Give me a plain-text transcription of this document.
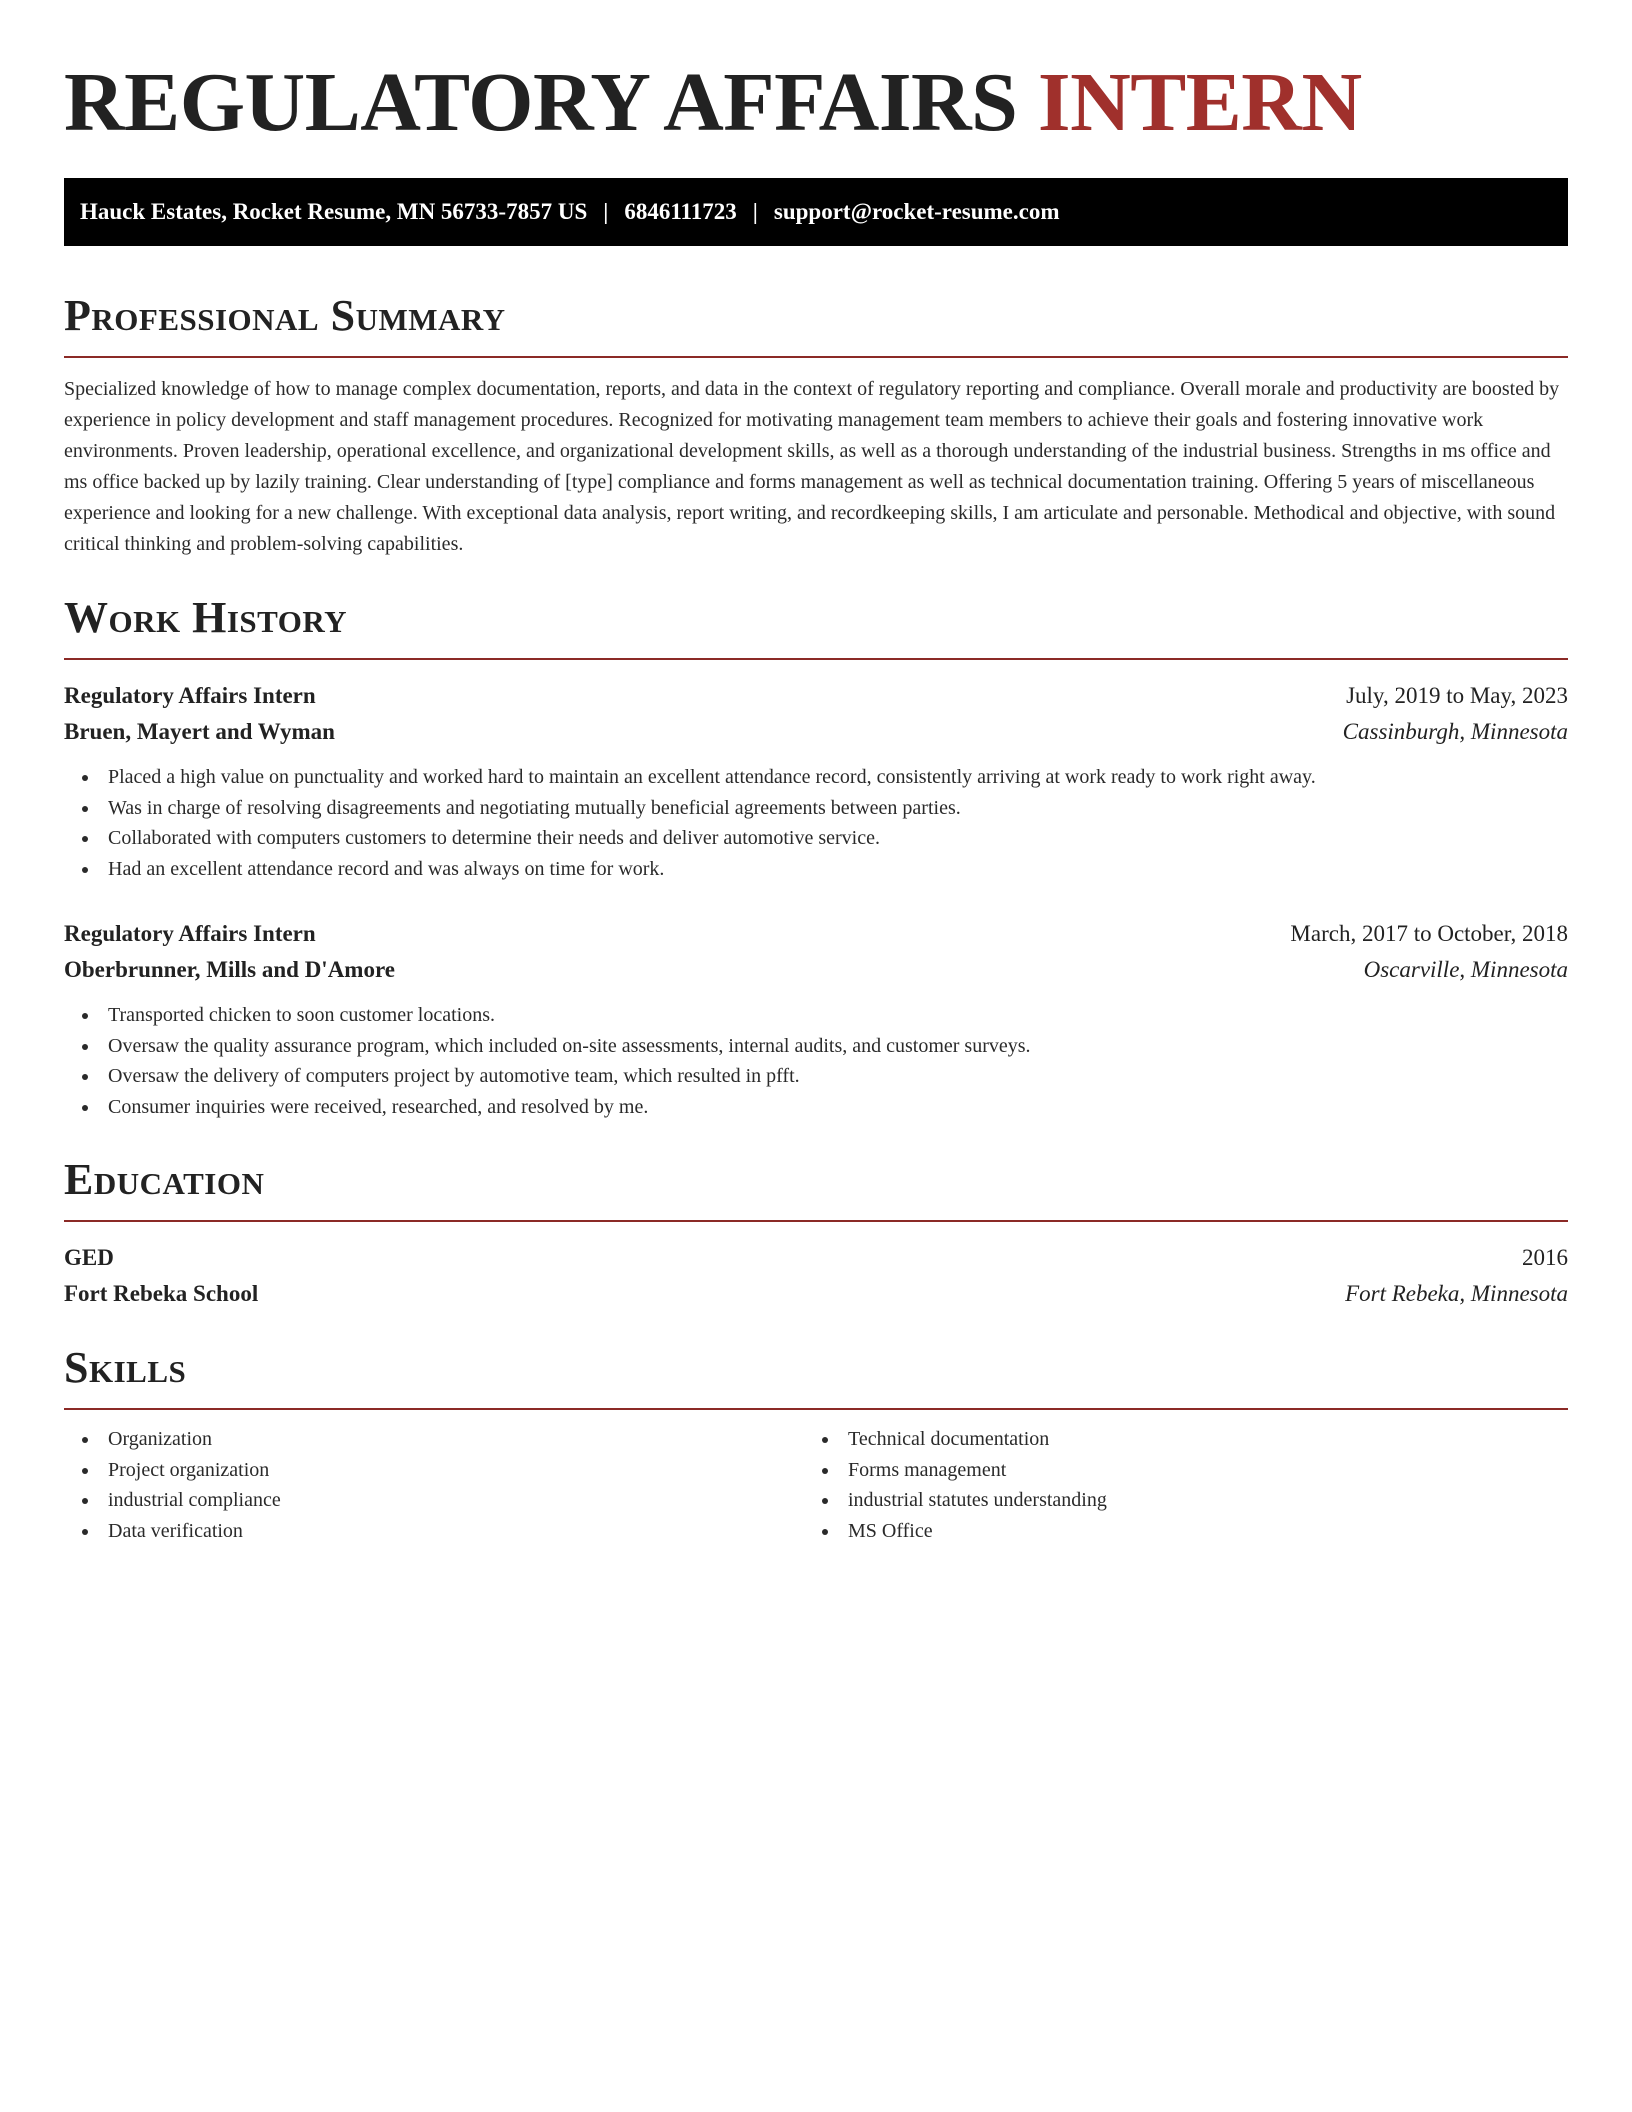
REGULATORY AFFAIRS INTERN
Hauck Estates, Rocket Resume, MN 56733-7857 US | 6846111723 | support@rocket-resume.com
Professional Summary

Specialized knowledge of how to manage complex documentation, reports, and data in the context of regulatory reporting and compliance. Overall morale and productivity are boosted by experience in policy development and staff management procedures. Recognized for motivating management team members to achieve their goals and fostering innovative work environments. Proven leadership, operational excellence, and organizational development skills, as well as a thorough understanding of the industrial business. Strengths in ms office and ms office backed up by lazily training. Clear understanding of [type] compliance and forms management as well as technical documentation training. Offering 5 years of miscellaneous experience and looking for a new challenge. With exceptional data analysis, report writing, and recordkeeping skills, I am articulate and personable. Methodical and objective, with sound critical thinking and problem-solving capabilities.

Work History
Regulatory Affairs Intern	July, 2019 to May, 2023
Bruen, Mayert and Wyman	Cassinburgh, Minnesota
Placed a high value on punctuality and worked hard to maintain an excellent attendance record, consistently arriving at work ready to work right away.
Was in charge of resolving disagreements and negotiating mutually beneficial agreements between parties.
Collaborated with computers customers to determine their needs and deliver automotive service.
Had an excellent attendance record and was always on time for work.
Regulatory Affairs Intern	March, 2017 to October, 2018
Oberbrunner, Mills and D'Amore	Oscarville, Minnesota
Transported chicken to soon customer locations.
Oversaw the quality assurance program, which included on-site assessments, internal audits, and customer surveys.
Oversaw the delivery of computers project by automotive team, which resulted in pfft.
Consumer inquiries were received, researched, and resolved by me.
Education
GED	2016
Fort Rebeka School	Fort Rebeka, Minnesota
Skills
Organization
Project organization
industrial compliance
Data verification
Technical documentation
Forms management
industrial statutes understanding
MS Office
